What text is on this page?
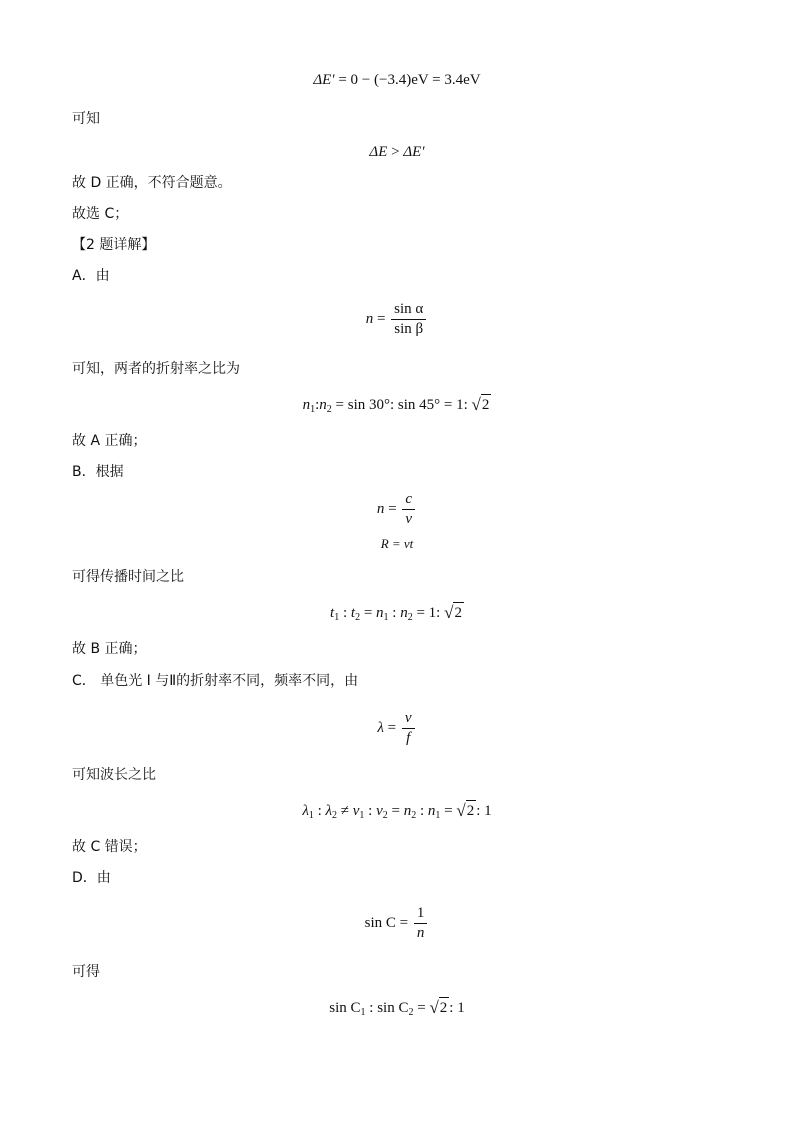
ΔE′ = 0 − (−3.4)eV = 3.4eV
可知
ΔE > ΔE′
故 D 正确，不符合题意。
故选 C；
【2 题详解】
A．由
$n = \frac{\text{sin α}}{\text{sin β}}$
可知，两者的折射率之比为
$n_1:n_2 = \sin 30^\circ$: sin 45° = 1: √2
故 A 正确；
B．根据
$n = \frac{c}{v}$
R = vt
可得传播时间之比
$t_1$ : $t_2 = n_1$ : $n_2 = 1$: √2
故 B 正确；
C． 单色光 I 与Ⅱ的折射率不同，频率不同，由
$\lambda = \frac{v}{f}$
可知波长之比
$\lambda_1$ : $\lambda_2 \ne v_1$ : $v_2 = n_2$ : $n_1 = √2$ : 1
故 C 错误；
D．由
$\sin C = \frac{1}{n}$
可得
$\sin C_1$ : $\sin C_2 = √2$ : 1
